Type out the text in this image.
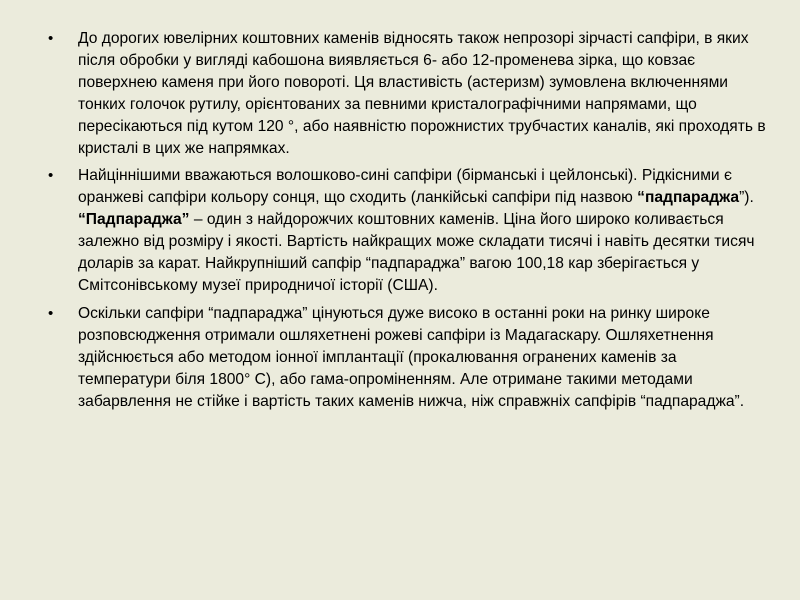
• До дорогих ювелірних коштовних каменів відносять також непрозорі зірчасті сапфіри, в яких після обробки у вигляді кабошона виявляється 6- або 12-променева зірка, що ковзає поверхнею каменя при його повороті. Ця властивість (астеризм) зумовлена включеннями тонких голочок рутилу, орієнтованих за певними кристалографічними напрямами, що пересікаються під кутом 120 °, або наявністю порожнистих трубчастих каналів, які проходять в кристалі в цих же напрямках.
• Найціннішими вважаються волошково-сині сапфіри (бірманські і цейлонські). Рідкісними є оранжеві сапфіри кольору сонця, що сходить (ланкійські сапфіри під назвою “падпараджа”). “Падпараджа” – один з найдорожчих коштовних каменів. Ціна його широко коливається залежно від розміру і якості. Вартість найкращих може складати тисячі і навіть десятки тисяч доларів за карат. Найкрупніший сапфір “падпараджа” вагою 100,18 кар зберігається у Смітсонівському музеї природничої історії (США).
• Оскільки сапфіри “падпараджа” цінуються дуже високо в останні роки на ринку широке розповсюдження отримали ошляхетнені рожеві сапфіри із Мадагаскару. Ошляхетнення здійснюється або методом іонної імплантації (прокалювання огранених каменів за температури біля 1800° С), або гама-опроміненням. Але отримане такими методами забарвлення не стійке і вартість таких каменів нижча, ніж справжніх сапфірів “падпараджа”.
